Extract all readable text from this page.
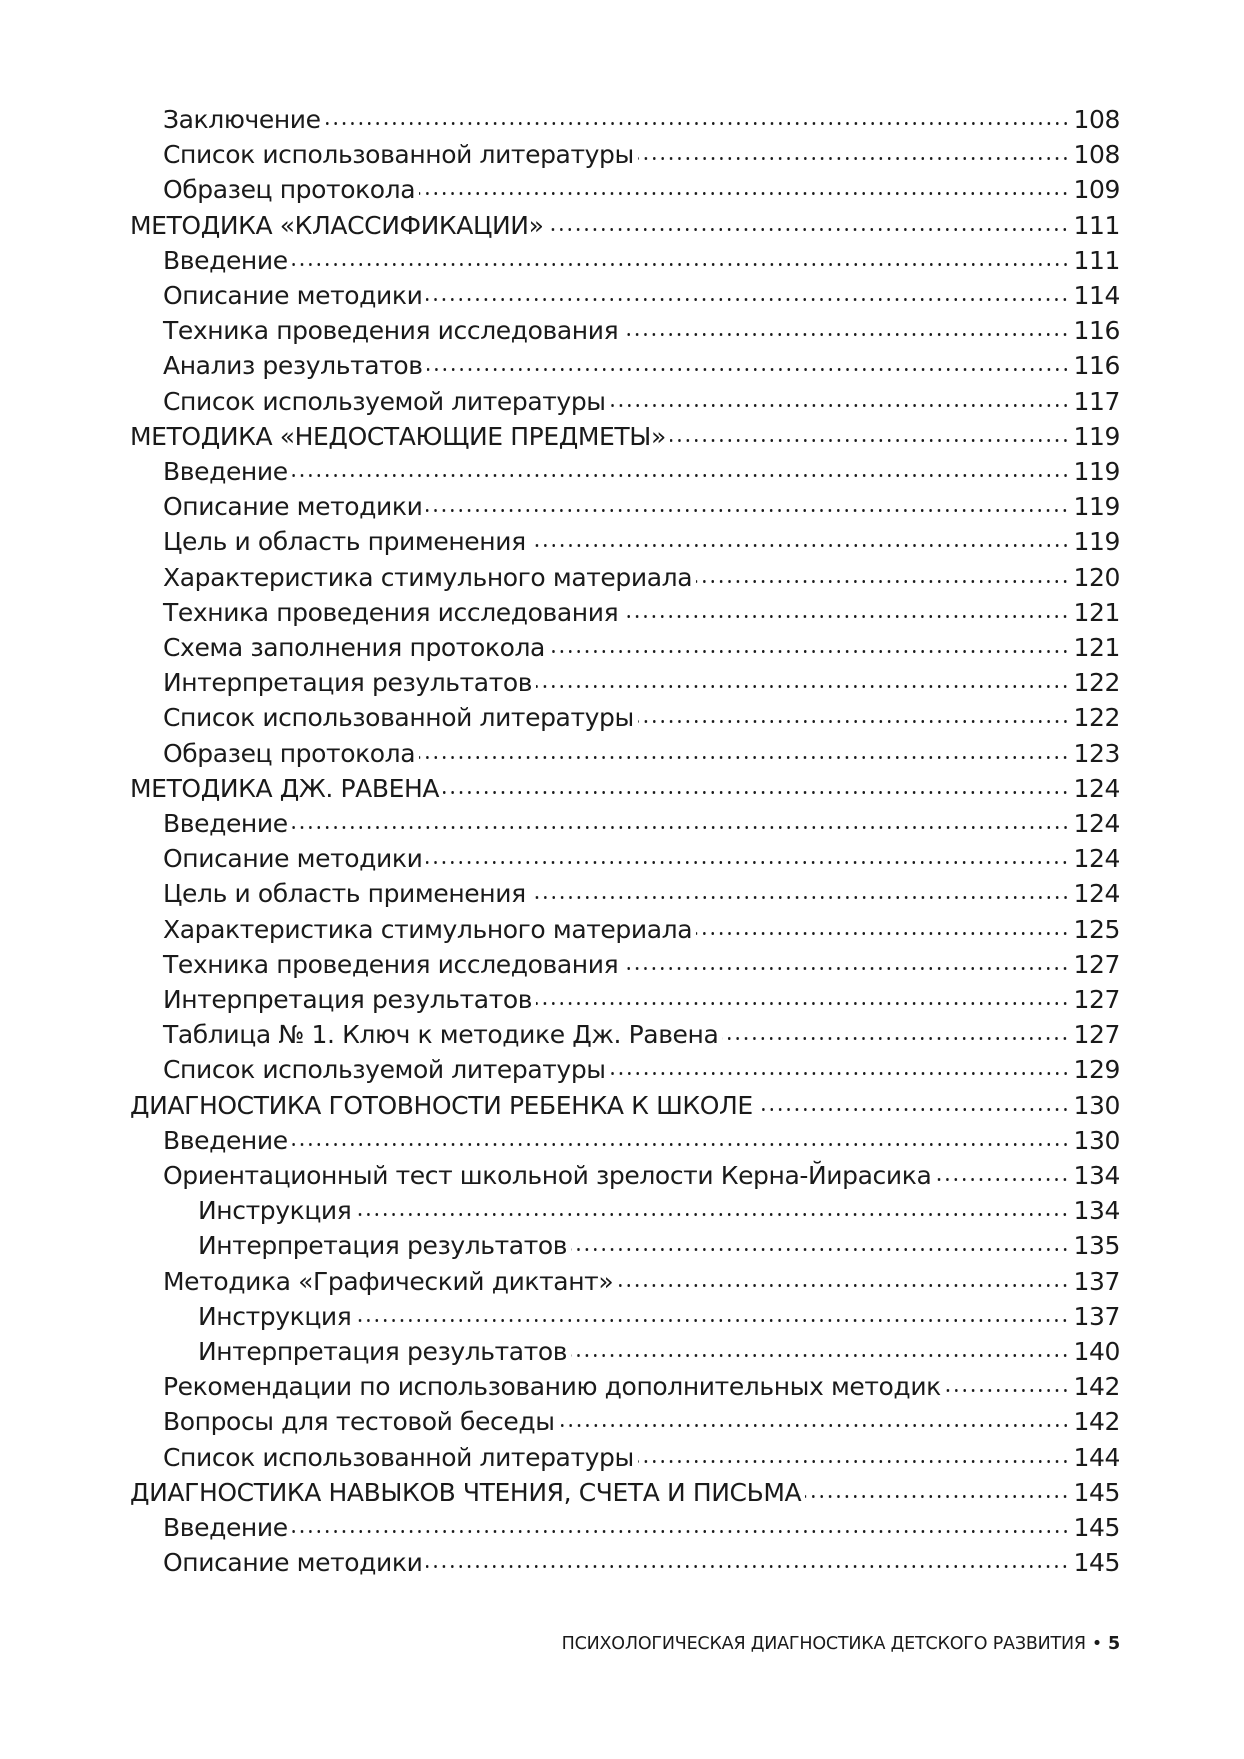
Заключение	108
Список использованной литературы	108
Образец протокола	109
МЕТОДИКА «КЛАССИФИКАЦИИ»	111
Введение	111
Описание методики	114
Техника проведения исследования	116
Анализ результатов	116
Список используемой литературы	117
МЕТОДИКА «НЕДОСТАЮЩИЕ ПРЕДМЕТЫ»	119
Введение	119
Описание методики	119
Цель и область применения	119
Характеристика стимульного материала	120
Техника проведения исследования	121
Схема заполнения протокола	121
Интерпретация результатов	122
Список использованной литературы	122
Образец протокола	123
МЕТОДИКА ДЖ. РАВЕНА	124
Введение	124
Описание методики	124
Цель и область применения	124
Характеристика стимульного материала	125
Техника проведения исследования	127
Интерпретация результатов	127
Таблица № 1. Ключ к методике Дж. Равена	127
Список используемой литературы	129
ДИАГНОСТИКА ГОТОВНОСТИ РЕБЕНКА К ШКОЛЕ	130
Введение	130
Ориентационный тест школьной зрелости Керна-Йирасика	134
Инструкция	134
Интерпретация результатов	135
Методика «Графический диктант»	137
Инструкция	137
Интерпретация результатов	140
Рекомендации по использованию дополнительных методик	142
Вопросы для тестовой беседы	142
Список использованной литературы	144
ДИАГНОСТИКА НАВЫКОВ ЧТЕНИЯ, СЧЕТА И ПИСЬМА	145
Введение	145
Описание методики	145
ПСИХОЛОГИЧЕСКАЯ ДИАГНОСТИКА ДЕТСКОГО РАЗВИТИЯ • 5
